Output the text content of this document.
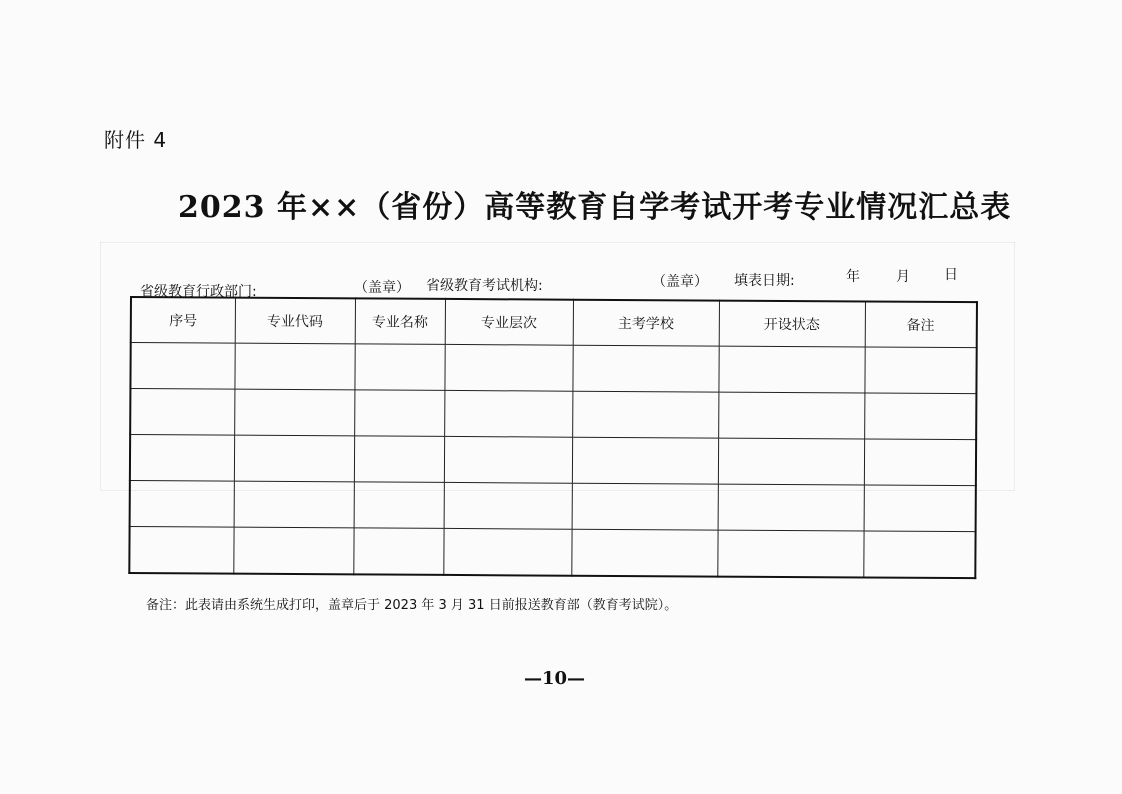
附件 4
2023 年××（省份）高等教育自学考试开考专业情况汇总表
省级教育行政部门:	（盖章） 省级教育考试机构:	（盖章） 填表日期:	年	月 日
序号	专业代码	专业名称	专业层次	主考学校	开设状态	备注

备注：此表请由系统生成打印，盖章后于 2023 年 3 月 31 日前报送教育部（教育考试院）。
—10—
